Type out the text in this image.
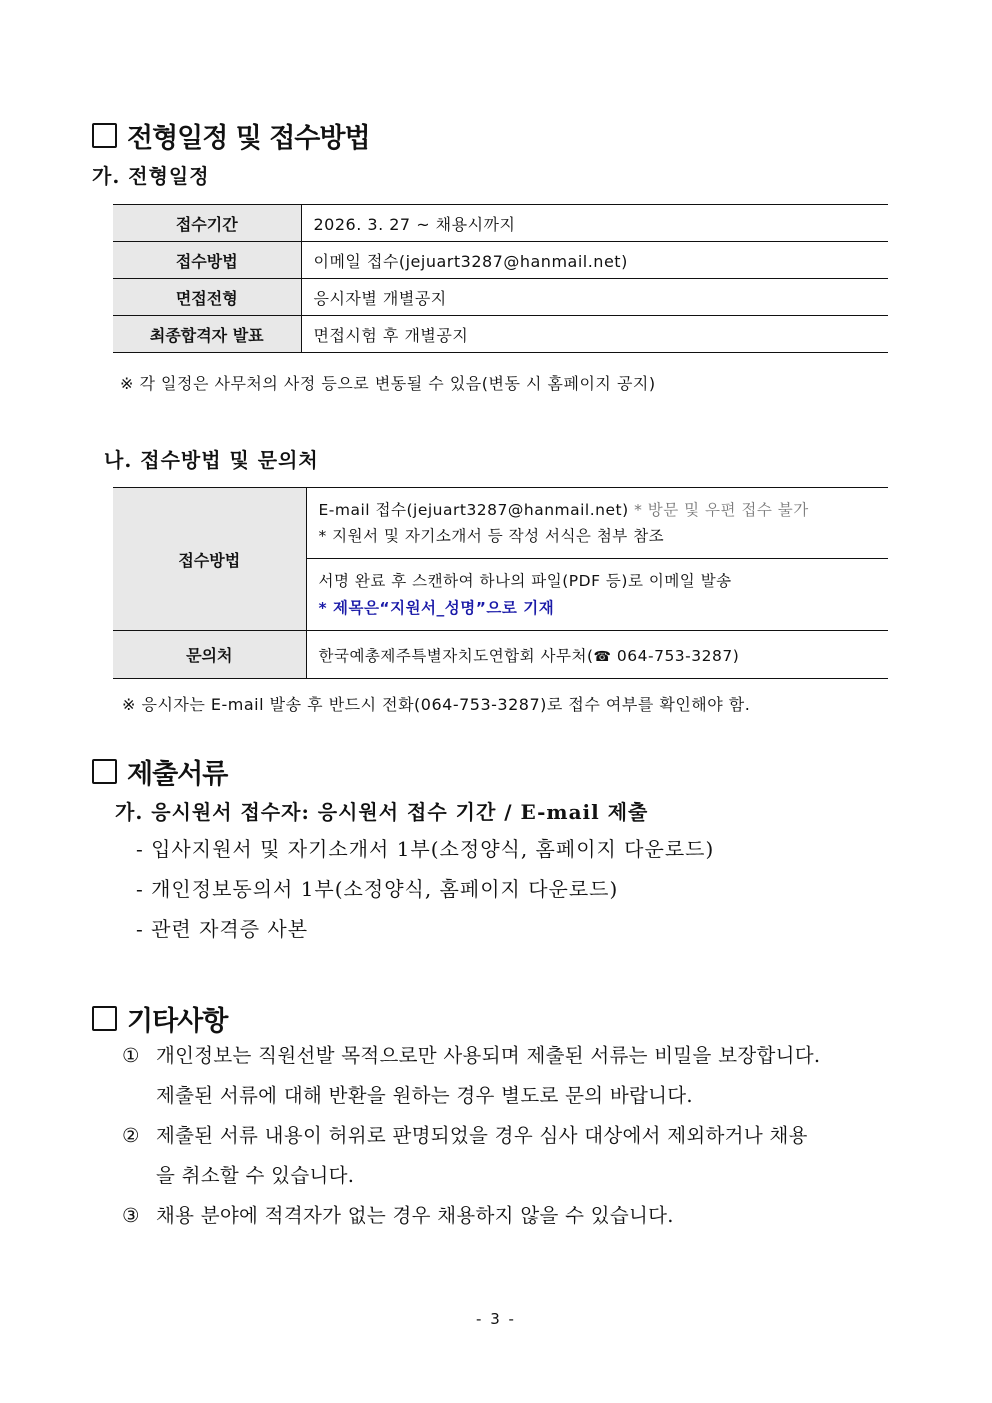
전형일정 및 접수방법
가. 전형일정
접수기간	2026. 3. 27 ~ 채용시까지
접수방법	이메일 접수(jejuart3287@hanmail.net)
면접전형	응시자별 개별공지
최종합격자 발표	면접시험 후 개별공지
※ 각 일정은 사무처의 사정 등으로 변동될 수 있음(변동 시 홈페이지 공지)
나. 접수방법 및 문의처
접수방법	E-mail 접수(jejuart3287@hanmail.net) * 방문 및 우편 접수 불가
* 지원서 및 자기소개서 등 작성 서식은 첨부 참조

	서명 완료 후 스캔하여 하나의 파일(PDF 등)로 이메일 발송
* 제목은“지원서_성명”으로 기재

문의처	한국예총제주특별자치도연합회 사무처(☎ 064-753-3287)
※ 응시자는 E-mail 발송 후 반드시 전화(064-753-3287)로 접수 여부를 확인해야 함.
제출서류
가. 응시원서 접수자: 응시원서 접수 기간 / E-mail 제출
- 입사지원서 및 자기소개서 1부(소정양식, 홈페이지 다운로드)
- 개인정보동의서 1부(소정양식, 홈페이지 다운로드)
- 관련 자격증 사본
기타사항
① 개인정보는 직원선발 목적으로만 사용되며 제출된 서류는 비밀을 보장합니다.
제출된 서류에 대해 반환을 원하는 경우 별도로 문의 바랍니다.
② 제출된 서류 내용이 허위로 판명되었을 경우 심사 대상에서 제외하거나 채용
을 취소할 수 있습니다.
③ 채용 분야에 적격자가 없는 경우 채용하지 않을 수 있습니다.
- 3 -
